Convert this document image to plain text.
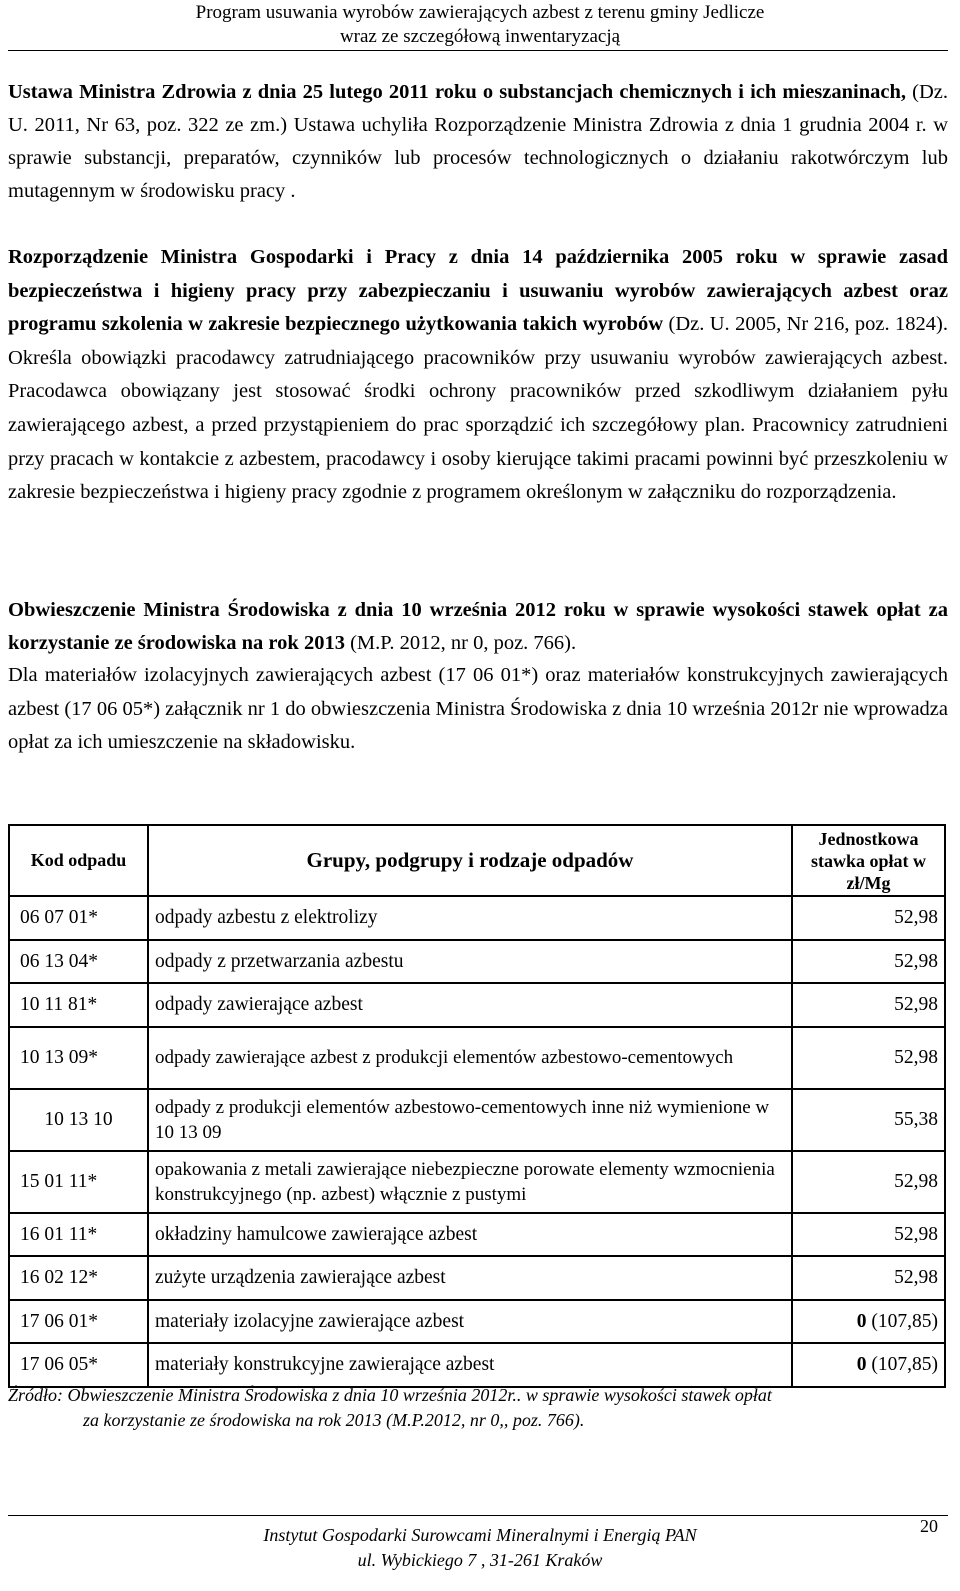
Program usuwania wyrobów zawierających azbest z terenu gminy Jedlicze
wraz ze szczegółową inwentaryzacją
Ustawa Ministra Zdrowia z dnia 25 lutego 2011 roku o substancjach chemicznych i ich mieszaninach, (Dz. U. 2011, Nr 63, poz. 322 ze zm.) Ustawa uchyliła Rozporządzenie Ministra Zdrowia z dnia 1 grudnia 2004 r. w sprawie substancji, preparatów, czynników lub procesów technologicznych o działaniu rakotwórczym lub mutagennym w środowisku pracy .
Rozporządzenie Ministra Gospodarki i Pracy z dnia 14 października 2005 roku w sprawie zasad bezpieczeństwa i higieny pracy przy zabezpieczaniu i usuwaniu wyrobów zawierających azbest oraz programu szkolenia w zakresie bezpiecznego użytkowania takich wyrobów (Dz. U. 2005, Nr 216, poz. 1824). Określa obowiązki pracodawcy zatrudniającego pracowników przy usuwaniu wyrobów zawierających azbest. Pracodawca obowiązany jest stosować środki ochrony pracowników przed szkodliwym działaniem pyłu zawierającego azbest, a przed przystąpieniem do prac sporządzić ich szczegółowy plan. Pracownicy zatrudnieni przy pracach w kontakcie z azbestem, pracodawcy i osoby kierujące takimi pracami powinni być przeszkoleniu w zakresie bezpieczeństwa i higieny pracy zgodnie z programem określonym w załączniku do rozporządzenia.
Obwieszczenie Ministra Środowiska z dnia 10 września 2012 roku w sprawie wysokości stawek opłat za korzystanie ze środowiska na rok 2013 (M.P. 2012, nr 0, poz. 766).
Dla materiałów izolacyjnych zawierających azbest (17 06 01*) oraz materiałów konstrukcyjnych zawierających azbest (17 06 05*) załącznik nr 1 do obwieszczenia Ministra Środowiska z dnia 10 września 2012r nie wprowadza opłat za ich umieszczenie na składowisku.
Kod odpadu	Grupy, podgrupy i rodzaje odpadów	Jednostkowa stawka opłat w zł/Mg
06 07 01*	odpady azbestu z elektrolizy	52,98
06 13 04*	odpady z przetwarzania azbestu	52,98
10 11 81*	odpady zawierające azbest	52,98
10 13 09*	odpady zawierające azbest z produkcji elementów azbestowo-cementowych	52,98
10 13 10	odpady z produkcji elementów azbestowo-cementowych inne niż wymienione w 10 13 09	55,38
15 01 11*	opakowania z metali zawierające niebezpieczne porowate elementy wzmocnienia konstrukcyjnego (np. azbest) włącznie z pustymi	52,98
16 01 11*	okładziny hamulcowe zawierające azbest	52,98
16 02 12*	zużyte urządzenia zawierające azbest	52,98
17 06 01*	materiały izolacyjne zawierające azbest	0 (107,85)
17 06 05*	materiały konstrukcyjne zawierające azbest	0 (107,85)
Źródło: Obwieszczenie Ministra Środowiska z dnia 10 września 2012r.. w sprawie wysokości stawek opłat
za korzystanie ze środowiska na rok 2013 (M.P.2012, nr 0,, poz. 766).
Instytut Gospodarki Surowcami Mineralnymi i Energią PAN
ul. Wybickiego 7 , 31-261 Kraków
20
